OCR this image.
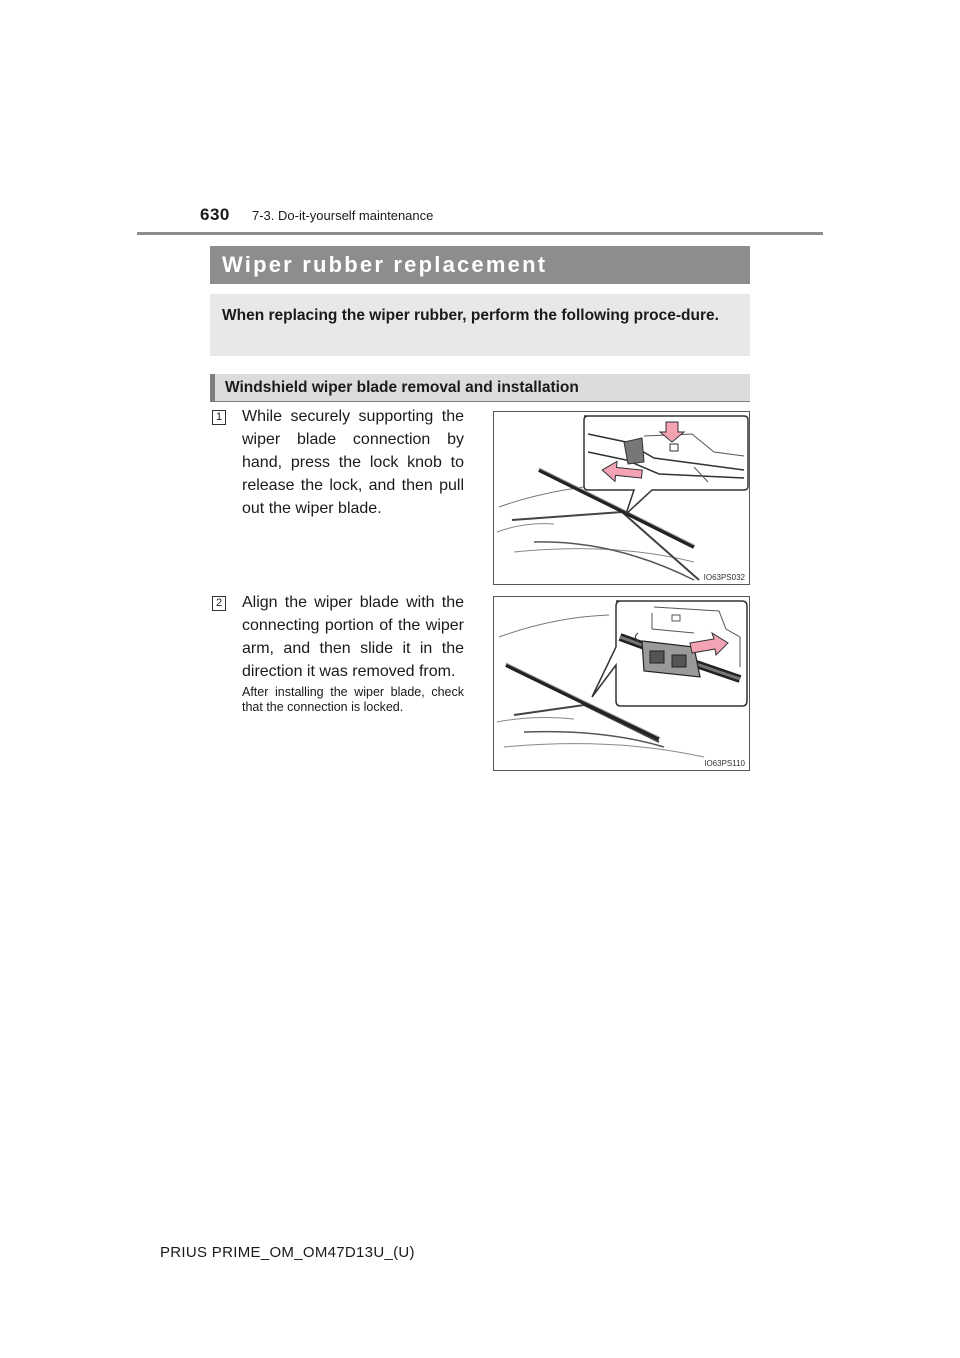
630 7-3. Do-it-yourself maintenance
Wiper rubber replacement
When replacing the wiper rubber, perform the following proce-dure.
Windshield wiper blade removal and installation
1 While securely supporting the wiper blade connection by hand, press the lock knob to release the lock, and then pull out the wiper blade.
IO63PS032
2 Align the wiper blade with the connecting portion of the wiper arm, and then slide it in the direction it was removed from.
After installing the wiper blade, check that the connection is locked.
IO63PS110
PRIUS PRIME_OM_OM47D13U_(U)
